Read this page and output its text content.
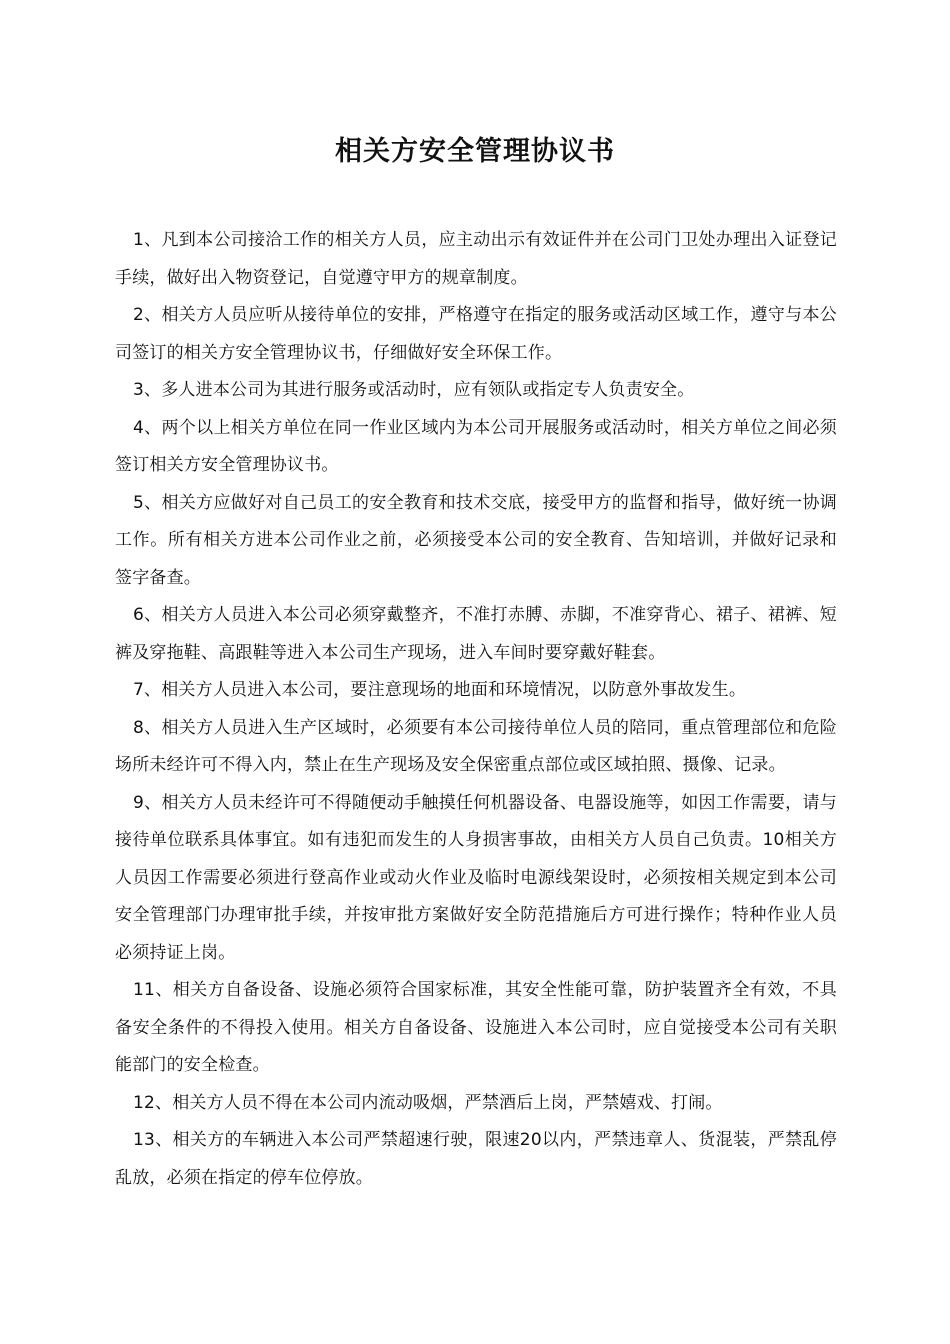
相关方安全管理协议书

1、凡到本公司接洽工作的相关方人员，应主动出示有效证件并在公司门卫处办理出入证登记手续，做好出入物资登记，自觉遵守甲方的规章制度。

2、相关方人员应听从接待单位的安排，严格遵守在指定的服务或活动区域工作，遵守与本公司签订的相关方安全管理协议书，仔细做好安全环保工作。

3、多人进本公司为其进行服务或活动时，应有领队或指定专人负责安全。

4、两个以上相关方单位在同一作业区域内为本公司开展服务或活动时，相关方单位之间必须签订相关方安全管理协议书。

5、相关方应做好对自己员工的安全教育和技术交底，接受甲方的监督和指导，做好统一协调工作。所有相关方进本公司作业之前，必须接受本公司的安全教育、告知培训，并做好记录和签字备查。

6、相关方人员进入本公司必须穿戴整齐，不准打赤膊、赤脚，不准穿背心、裙子、裙裤、短裤及穿拖鞋、高跟鞋等进入本公司生产现场，进入车间时要穿戴好鞋套。

7、相关方人员进入本公司，要注意现场的地面和环境情况，以防意外事故发生。

8、相关方人员进入生产区域时，必须要有本公司接待单位人员的陪同，重点管理部位和危险场所未经许可不得入内，禁止在生产现场及安全保密重点部位或区域拍照、摄像、记录。

9、相关方人员未经许可不得随便动手触摸任何机器设备、电器设施等，如因工作需要，请与接待单位联系具体事宜。如有违犯而发生的人身损害事故，由相关方人员自己负责。10相关方人员因工作需要必须进行登高作业或动火作业及临时电源线架设时，必须按相关规定到本公司安全管理部门办理审批手续，并按审批方案做好安全防范措施后方可进行操作；特种作业人员必须持证上岗。

11、相关方自备设备、设施必须符合国家标准，其安全性能可靠，防护装置齐全有效，不具备安全条件的不得投入使用。相关方自备设备、设施进入本公司时，应自觉接受本公司有关职能部门的安全检查。

12、相关方人员不得在本公司内流动吸烟，严禁酒后上岗，严禁嬉戏、打闹。

13、相关方的车辆进入本公司严禁超速行驶，限速20以内，严禁违章人、货混装，严禁乱停乱放，必须在指定的停车位停放。
